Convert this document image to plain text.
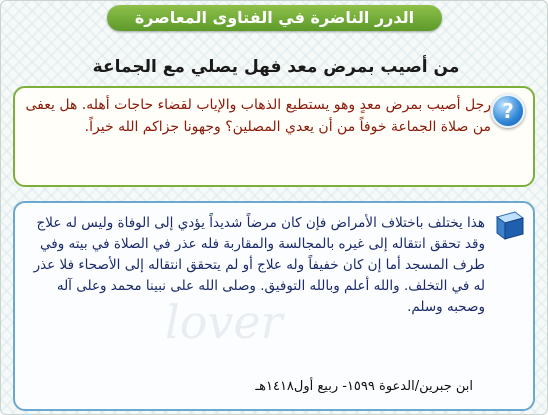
الدرر الناضرة في الفتاوى المعاصرة
من أصيب بمرض معد فهل يصلي مع الجماعة
?
رجل أصيب بمرض معدٍ وهو يستطيع الذهاب والإياب لقضاء حاجات أهله. هل يعفى من صلاة الجماعة خوفاً من أن يعدي المصلين؟ وجهونا جزاكم الله خيراً.
lover
هذا يختلف باختلاف الأمراض فإن كان مرضاً شديداً يؤدي إلى الوفاة وليس له علاج وقد تحقق انتقاله إلى غيره بالمجالسة والمقاربة فله عذر في الصلاة في بيته وفي طرف المسجد أما إن كان خفيفاً وله علاج أو لم يتحقق انتقاله إلى الأصحاء فلا عذر له في التخلف. والله أعلم وبالله التوفيق. وصلى الله على نبينا محمد وعلى آله وصحبه وسلم.
ابن جبرين/الدعوة ١٥٩٩- ربيع أول١٤١٨هـ
